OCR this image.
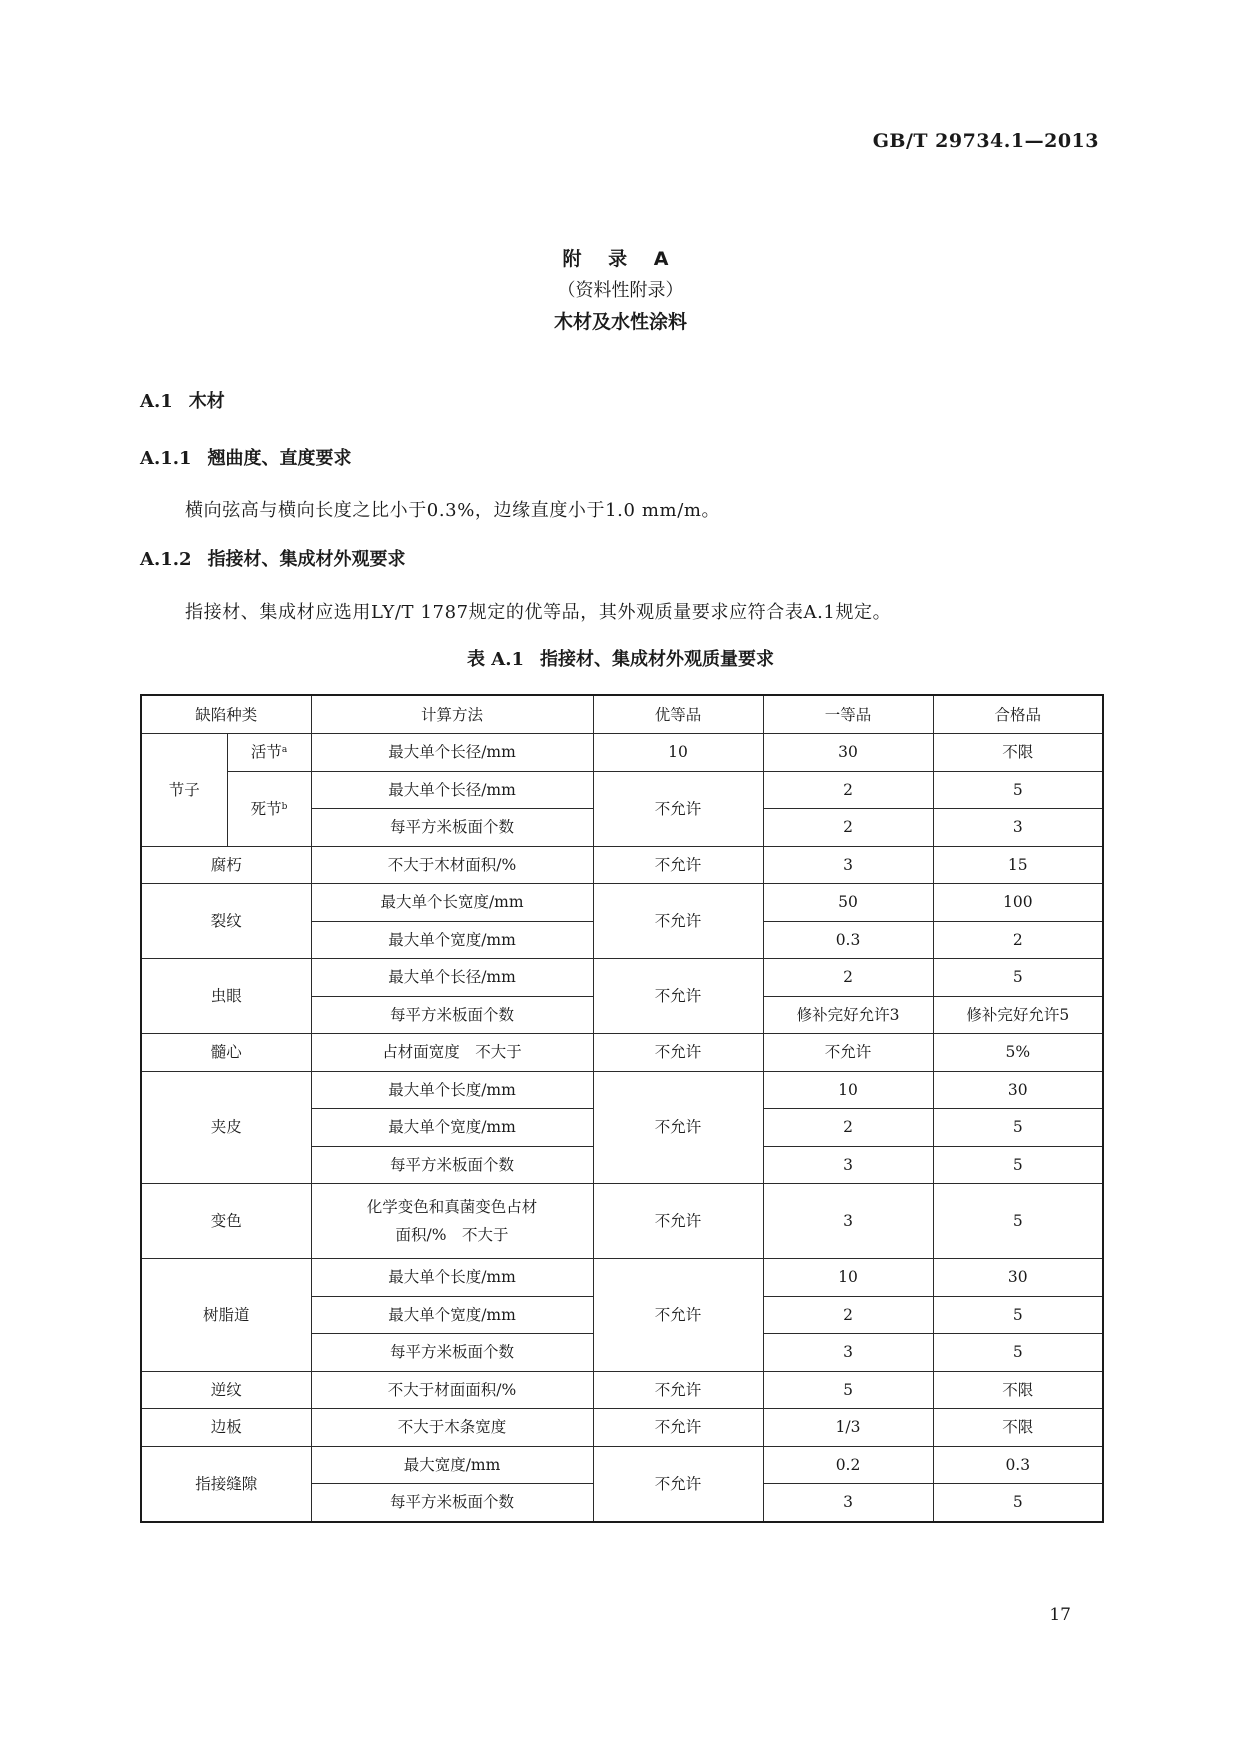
GB/T 29734.1—2013
附 录 A
（资料性附录）
木材及水性涂料
A.1 木材
A.1.1 翘曲度、直度要求
横向弦高与横向长度之比小于0.3%，边缘直度小于1.0 mm/m。
A.1.2 指接材、集成材外观要求
指接材、集成材应选用LY/T 1787规定的优等品，其外观质量要求应符合表A.1规定。
表 A.1 指接材、集成材外观质量要求
缺陷种类		计算方法	优等品	一等品	合格品
节子	活节$^a$	最大单个长径/mm	10	30	不限
	死节$^b$	最大单个长径/mm	不允许	2	5
		每平方米板面个数		2	3
腐朽		不大于木材面积/%	不允许	3	15
裂纹		最大单个长宽度/mm	不允许	50	100
		最大单个宽度/mm		0.3	2
虫眼		最大单个长径/mm	不允许	2	5
		每平方米板面个数		修补完好允许3	修补完好允许5
髓心		占材面宽度　不大于	不允许	不允许	5%
夹皮		最大单个长度/mm	不允许	10	30
		最大单个宽度/mm		2	5
		每平方米板面个数		3	5
变色		化学变色和真菌变色占材
面积/%　不大于	不允许	3	5
树脂道		最大单个长度/mm	不允许	10	30
		最大单个宽度/mm		2	5
		每平方米板面个数		3	5
逆纹		不大于材面面积/%	不允许	5	不限
边板		不大于木条宽度	不允许	1/3	不限
指接缝隙		最大宽度/mm	不允许	0.2	0.3
		每平方米板面个数		3	5
17
